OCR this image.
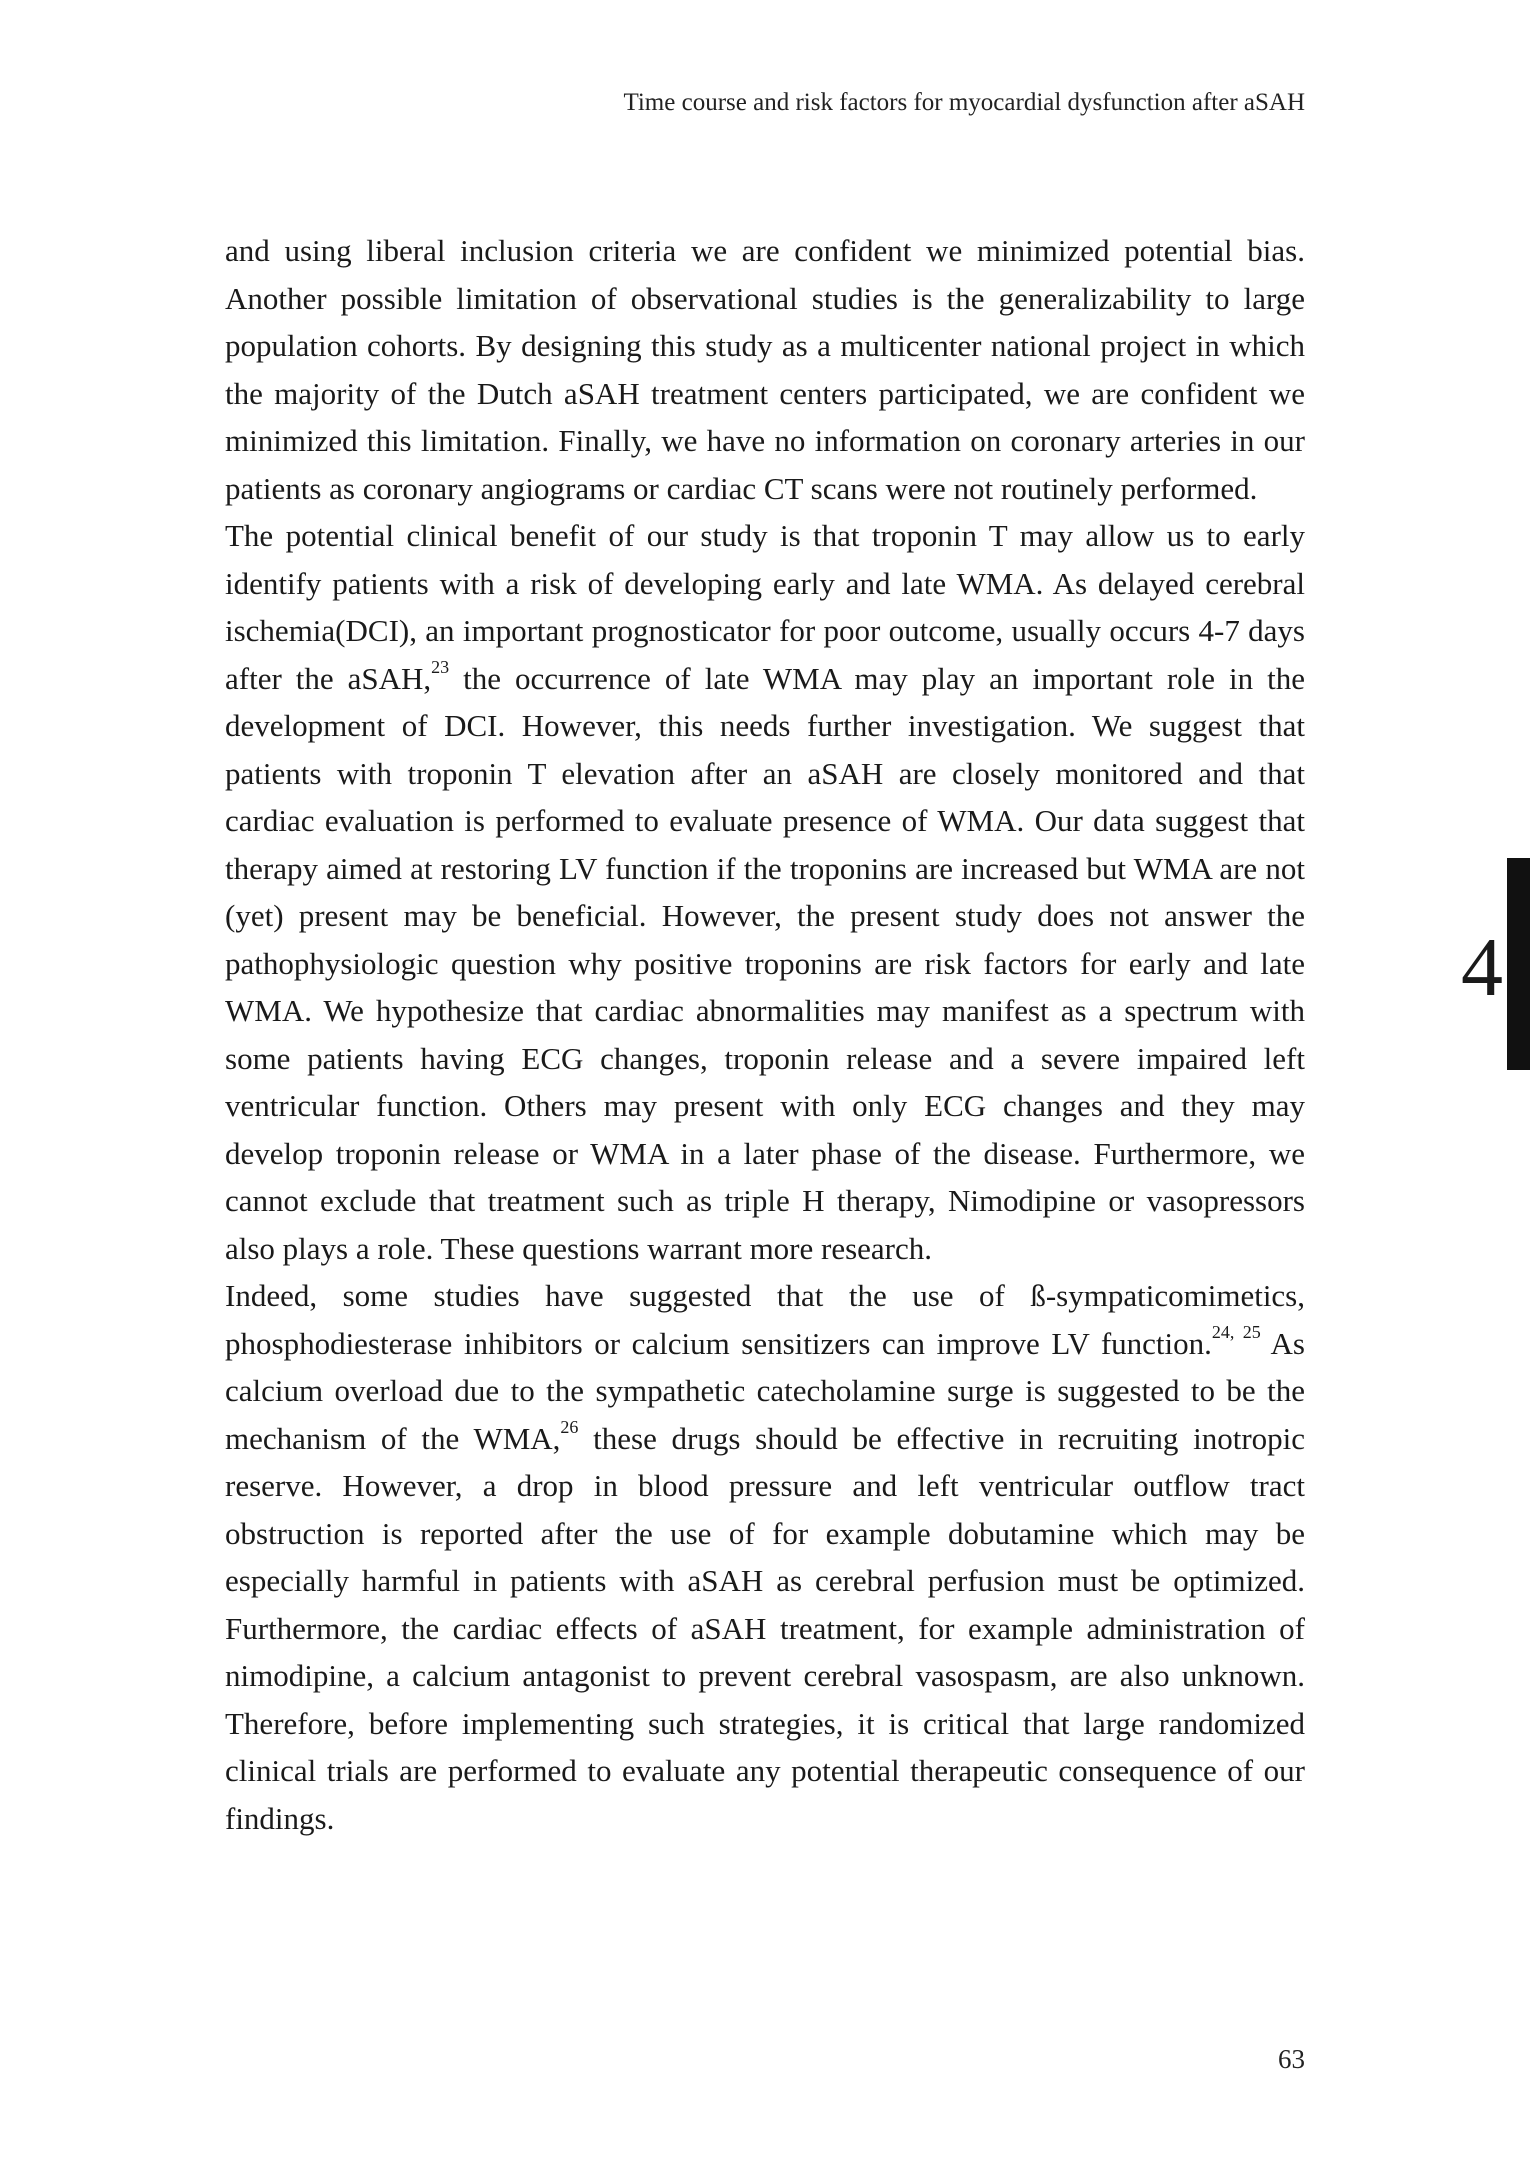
Time course and risk factors for myocardial dysfunction after aSAH

and using liberal inclusion criteria we are confident we minimized potential bias. Another possible limitation of observational studies is the generalizability to large population cohorts. By designing this study as a multicenter national project in which the majority of the Dutch aSAH treatment centers participated, we are confident we minimized this limitation. Finally, we have no information on coronary arteries in our patients as coronary angiograms or cardiac CT scans were not routinely performed.

The potential clinical benefit of our study is that troponin T may allow us to early identify patients with a risk of developing early and late WMA. As delayed cerebral ischemia(DCI), an important prognosticator for poor outcome, usually occurs 4-7 days after the aSAH,$^{23}$ the occurrence of late WMA may play an important role in the development of DCI. However, this needs further investigation. We suggest that patients with troponin T elevation after an aSAH are closely monitored and that cardiac evaluation is performed to evaluate presence of WMA. Our data suggest that therapy aimed at restoring LV function if the troponins are increased but WMA are not (yet) present may be beneficial. However, the present study does not answer the pathophysiologic question why positive troponins are risk factors for early and late WMA. We hypothesize that cardiac abnormalities may manifest as a spectrum with some patients having ECG changes, troponin release and a severe impaired left ventricular function. Others may present with only ECG changes and they may develop troponin release or WMA in a later phase of the disease. Furthermore, we cannot exclude that treatment such as triple H therapy, Nimodipine or vasopressors also plays a role. These questions warrant more research.

Indeed, some studies have suggested that the use of ß-sympaticomimetics, phosphodiesterase inhibitors or calcium sensitizers can improve LV function.$^{24, 25}$ As calcium overload due to the sympathetic catecholamine surge is suggested to be the mechanism of the WMA,$^{26}$ these drugs should be effective in recruiting inotropic reserve. However, a drop in blood pressure and left ventricular outflow tract obstruction is reported after the use of for example dobutamine which may be especially harmful in patients with aSAH as cerebral perfusion must be optimized. Furthermore, the cardiac effects of aSAH treatment, for example administration of nimodipine, a calcium antagonist to prevent cerebral vasospasm, are also unknown. Therefore, before implementing such strategies, it is critical that large randomized clinical trials are performed to evaluate any potential therapeutic consequence of our findings.

4
63
